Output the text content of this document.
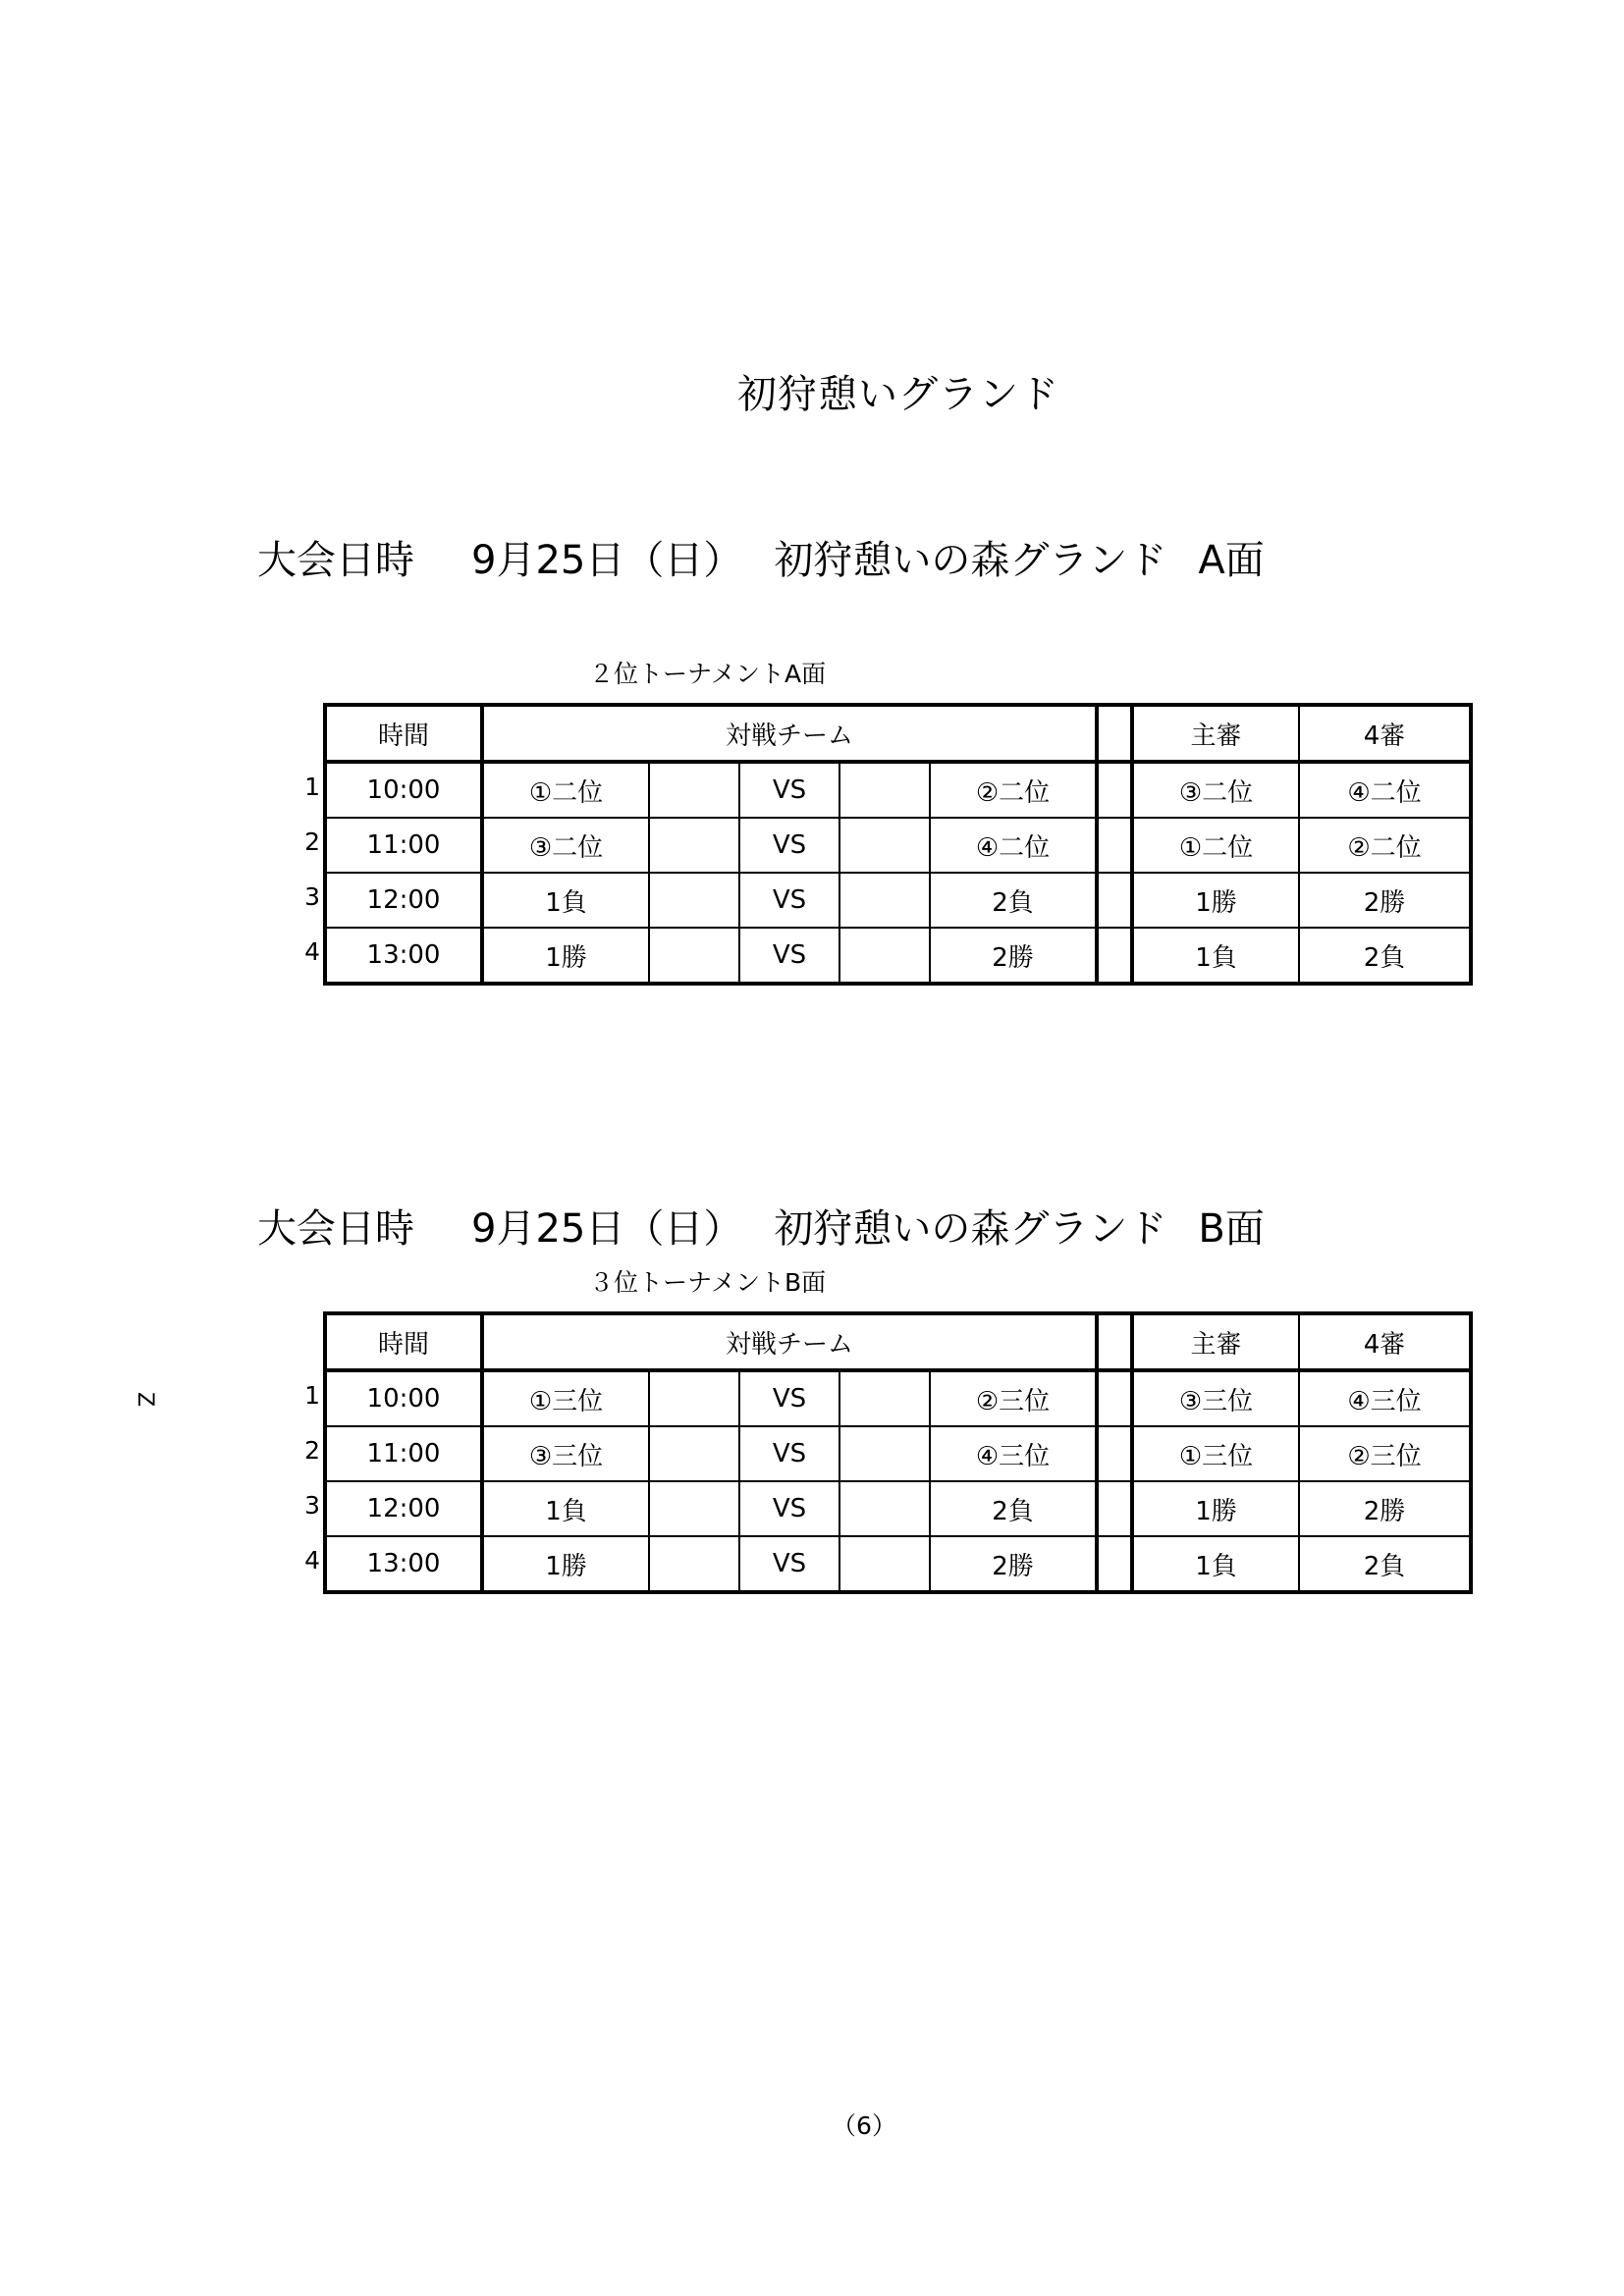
初狩憩いグランド
大会日時 9月25日（日） 初狩憩いの森グランド A面
２位トーナメントA面
1
2
3
4
時間	対戦チーム						主審	4審
10:00	①二位		VS		②二位		③二位	④二位
11:00	③二位		VS		④二位		①二位	②二位
12:00	1負		VS		2負		1勝	2勝
13:00	1勝		VS		2勝		1負	2負
大会日時 9月25日（日） 初狩憩いの森グランド B面
３位トーナメントB面
Z	1
2
3
4
時間	対戦チーム						主審	4審
10:00	①三位		VS		②三位		③三位	④三位
11:00	③三位		VS		④三位		①三位	②三位
12:00	1負		VS		2負		1勝	2勝
13:00	1勝		VS		2勝		1負	2負
（6）
